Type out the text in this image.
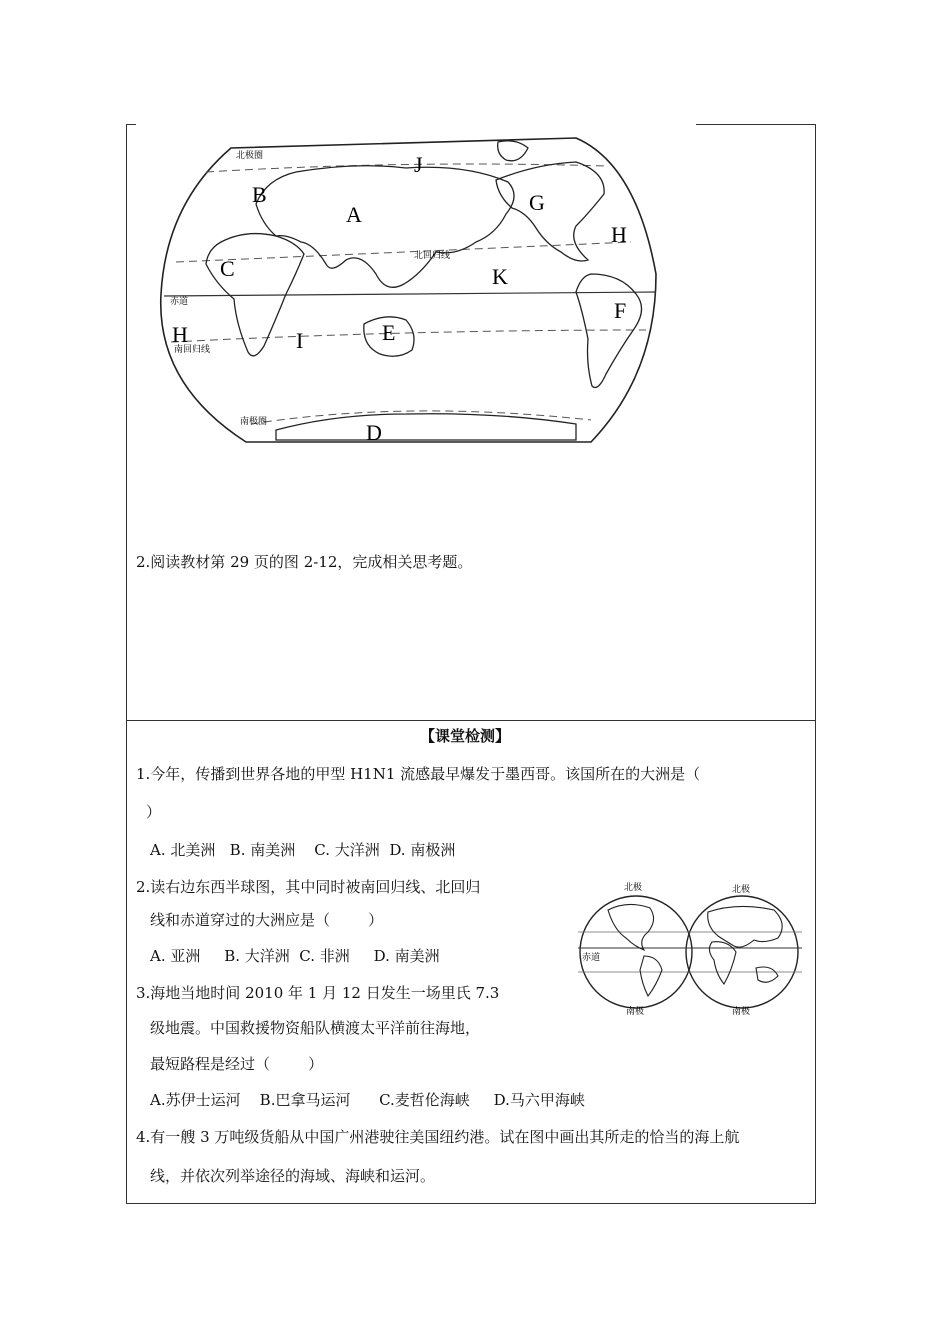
北极圈
北回归线
赤道
南回归线
南极圈
J
B
A	G
H
C	K
F
H	I	E
D
2.阅读教材第 29 页的图 2-12，完成相关思考题。
【课堂检测】
1.今年，传播到世界各地的甲型 H1N1 流感最早爆发于墨西哥。该国所在的大洲是（
）
A. 北美洲   B. 南美洲    C. 大洋洲  D. 南极洲
2.读右边东西半球图，其中同时被南回归线、北回归
线和赤道穿过的大洲应是（        ）
A. 亚洲     B. 大洋洲  C. 非洲     D. 南美洲
3.海地当地时间 2010 年 1 月 12 日发生一场里氏 7.3
级地震。中国救援物资船队横渡太平洋前往海地，
最短路程是经过（        ）
A.苏伊士运河    B.巴拿马运河      C.麦哲伦海峡     D.马六甲海峡
4.有一艘 3 万吨级货船从中国广州港驶往美国纽约港。试在图中画出其所走的恰当的海上航
线，并依次列举途径的海域、海峡和运河。
北极	北极
赤道
南极	南极
